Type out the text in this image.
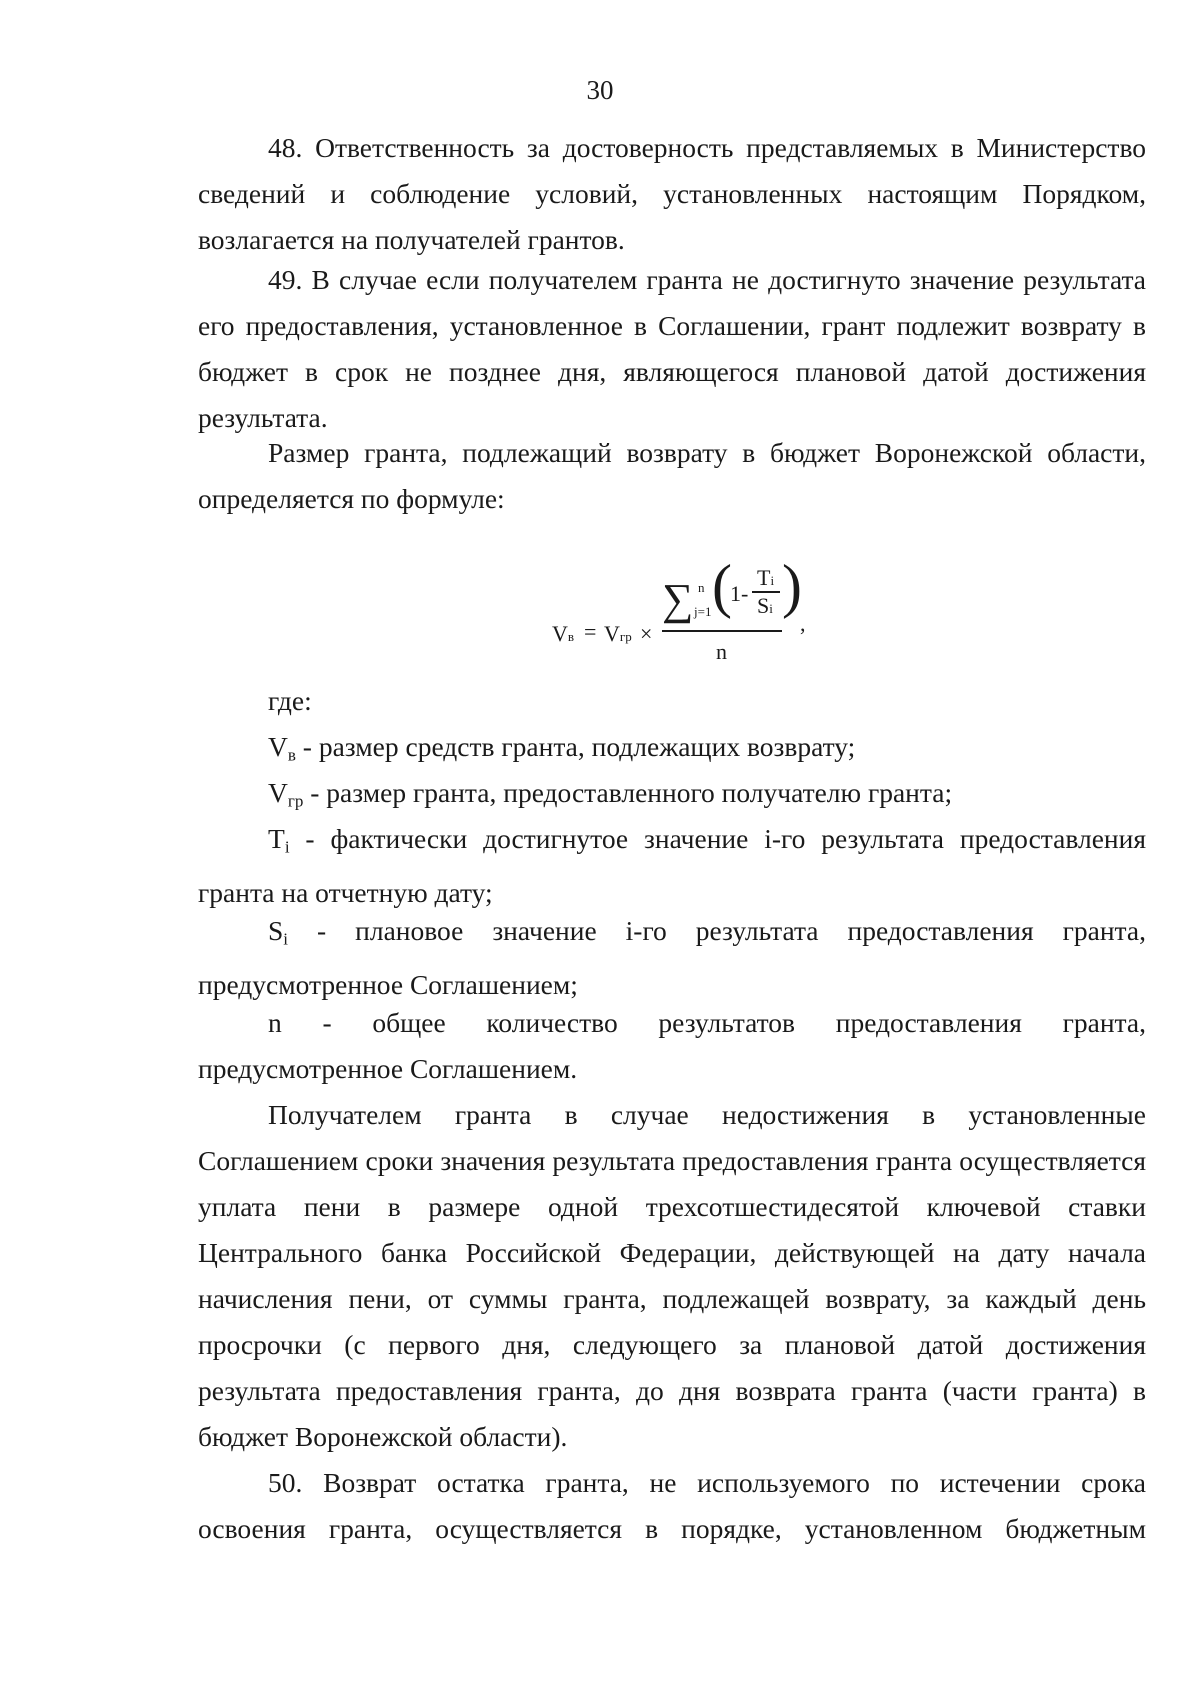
30

48. Ответственность за достоверность представляемых в Министерство сведений и соблюдение условий, установленных настоящим Порядком, возлагается на получателей грантов.

49. В случае если получателем гранта не достигнуто значение результата его предоставления, установленное в Соглашении, грант подлежит возврату в бюджет в срок не позднее дня, являющегося плановой датой достижения результата.

Размер гранта, подлежащий возврату в бюджет Воронежской области, определяется по формуле:

Vв = Vгр ×
∑ n
j=1 (
1-
Ti
Si )
n
,

где:

$V_в$ - размер средств гранта, подлежащих возврату;

$V_{гр}$ - размер гранта, предоставленного получателю гранта;

$T_i$ - фактически достигнутое значение i-го результата предоставления гранта на отчетную дату;

$S_i$ - плановое значение i-го результата предоставления гранта, предусмотренное Соглашением;

n - общее количество результатов предоставления гранта, предусмотренное Соглашением.

Получателем гранта в случае недостижения в установленные Соглашением сроки значения результата предоставления гранта осуществляется уплата пени в размере одной трехсотшестидесятой ключевой ставки Центрального банка Российской Федерации, действующей на дату начала начисления пени, от суммы гранта, подлежащей возврату, за каждый день просрочки (с первого дня, следующего за плановой датой достижения результата предоставления гранта, до дня возврата гранта (части гранта) в бюджет Воронежской области).

50. Возврат остатка гранта, не используемого по истечении срока освоения гранта, осуществляется в порядке, установленном бюджетным
